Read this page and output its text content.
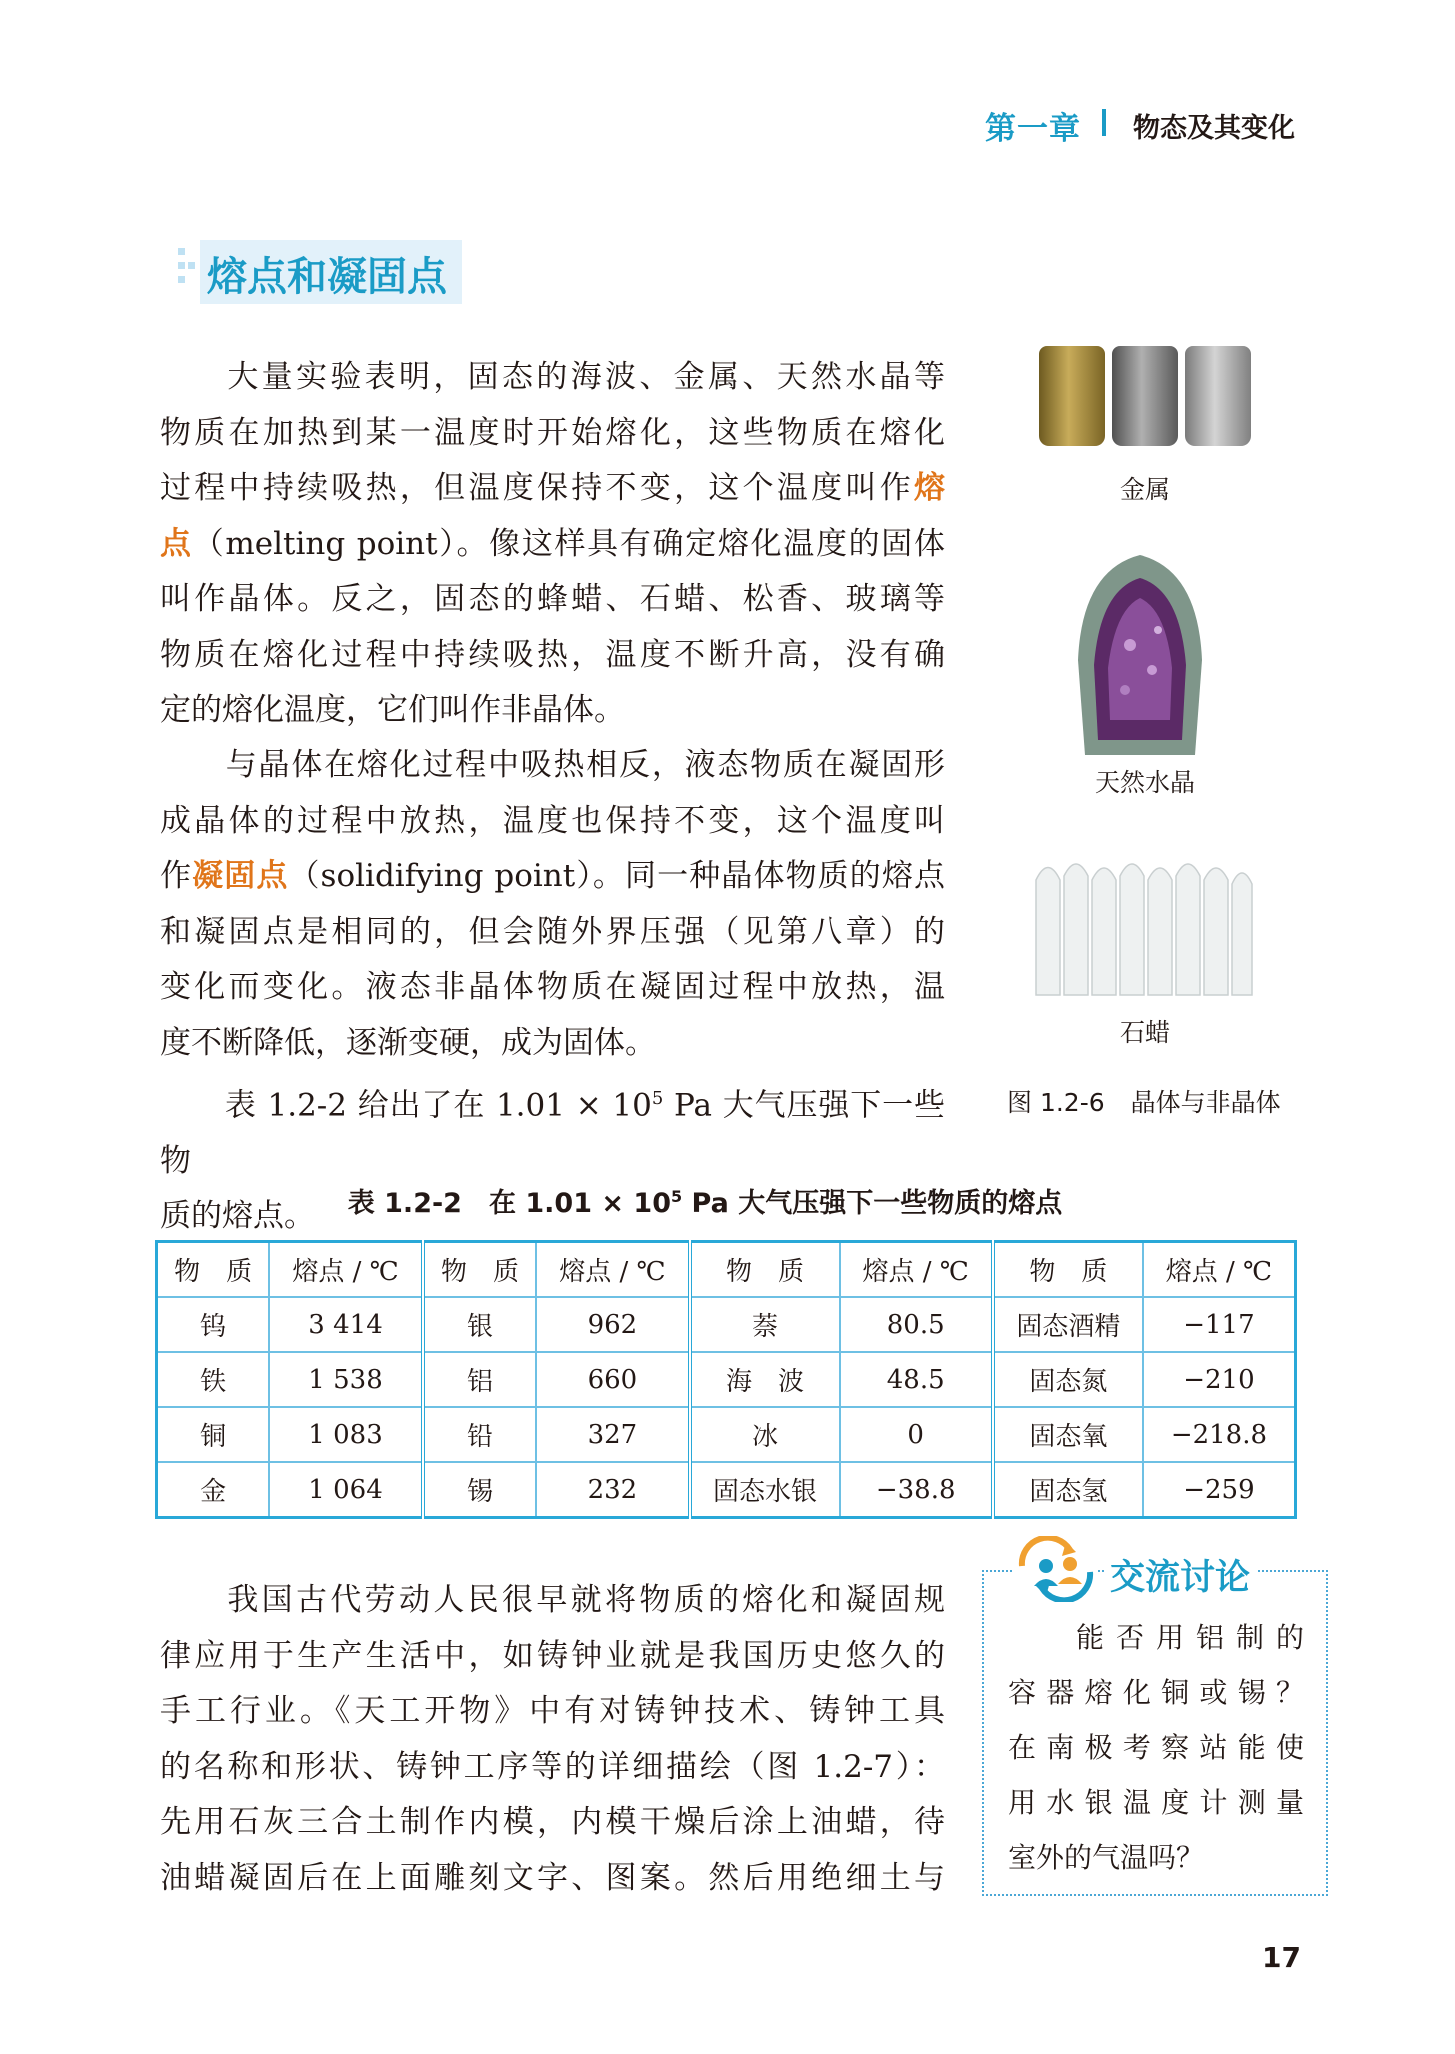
第一章 物态及其变化
熔点和凝固点
大量实验表明，固态的海波、金属、天然水晶等
物质在加热到某一温度时开始熔化，这些物质在熔化
过程中持续吸热，但温度保持不变，这个温度叫作熔
点（melting point）。像这样具有确定熔化温度的固体
叫作晶体。反之，固态的蜂蜡、石蜡、松香、玻璃等
物质在熔化过程中持续吸热，温度不断升高，没有确
定的熔化温度，它们叫作非晶体。
与晶体在熔化过程中吸热相反，液态物质在凝固形
成晶体的过程中放热，温度也保持不变，这个温度叫
作凝固点（solidifying point）。同一种晶体物质的熔点
和凝固点是相同的，但会随外界压强（见第八章）的
变化而变化。液态非晶体物质在凝固过程中放热，温
度不断降低，逐渐变硬，成为固体。
表 1.2-2 给出了在 $1.01 \times 10^5$ Pa 大气压强下一些物
质的熔点。
金属
天然水晶
石蜡
图 1.2-6 晶体与非晶体
表 1.2-2　在 $1.01 \times 10^5$ Pa 大气压强下一些物质的熔点
物　质	熔点 / ℃	物　质	熔点 / ℃	物　质	熔点 / ℃	物　质	熔点 / ℃
钨	3 414	银	962	萘	80.5	固态酒精	−117
铁	1 538	铝	660	海　波	48.5	固态氮	−210
铜	1 083	铅	327	冰	0	固态氧	−218.8
金	1 064	锡	232	固态水银	−38.8	固态氢	−259
我国古代劳动人民很早就将物质的熔化和凝固规
律应用于生产生活中，如铸钟业就是我国历史悠久的
手工行业。《天工开物》中有对铸钟技术、铸钟工具
的名称和形状、铸钟工序等的详细描绘（图 1.2-7）：
先用石灰三合土制作内模，内模干燥后涂上油蜡，待
油蜡凝固后在上面雕刻文字、图案。然后用绝细土与
交流讨论
能否用铝制的
容器熔化铜或锡？
在南极考察站能使
用水银温度计测量
室外的气温吗？
17
